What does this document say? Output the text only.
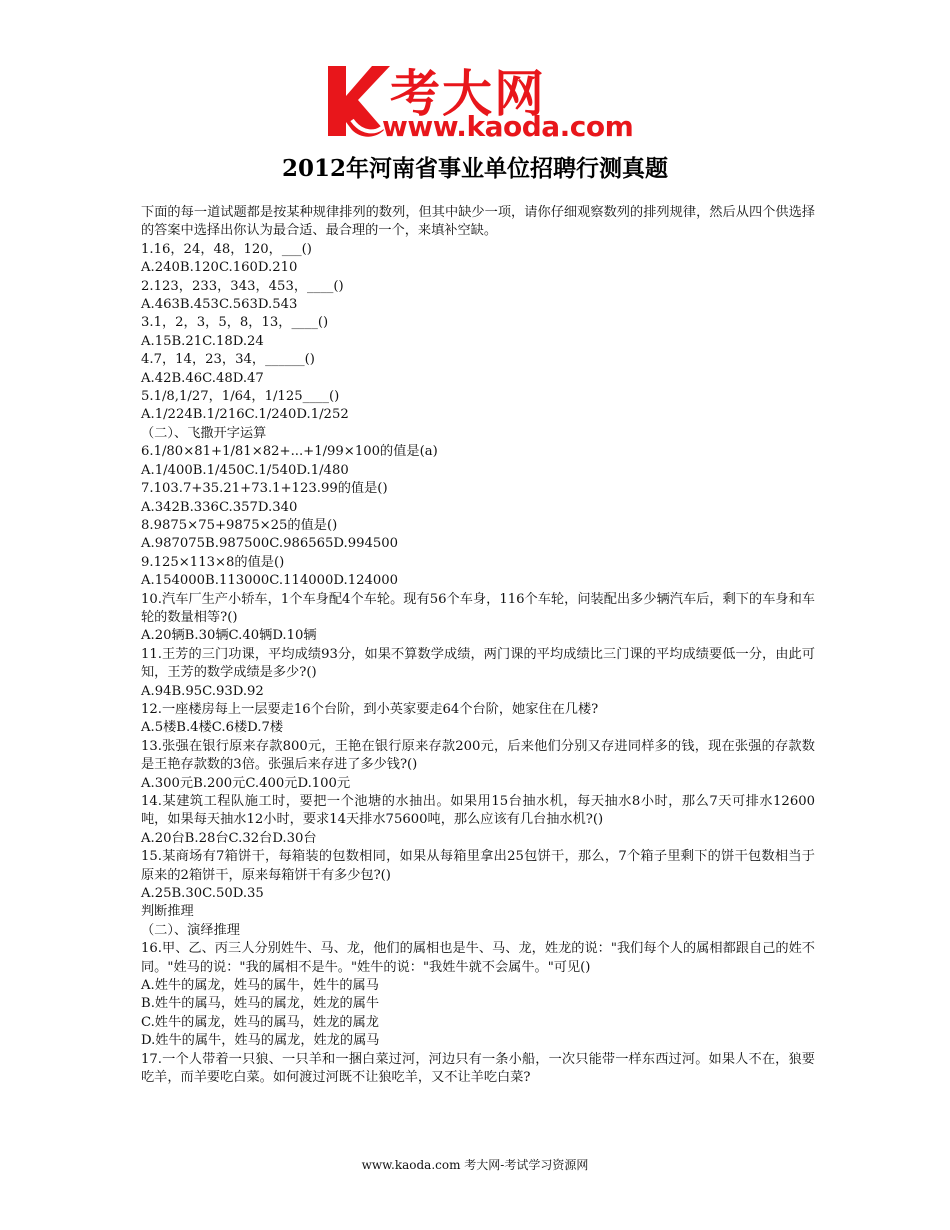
考大网
www.kaoda.com
2012年河南省事业单位招聘行测真题

下面的每一道试题都是按某种规律排列的数列，但其中缺少一项，请你仔细观察数列的排列规律，然后从四个供选择的答案中选择出你认为最合适、最合理的一个，来填补空缺。

1.16，24，48，120，___()

A.240B.120C.160D.210

2.123，233，343，453，____()

A.463B.453C.563D.543

3.1，2，3，5，8，13，____()

A.15B.21C.18D.24

4.7，14，23，34，______()

A.42B.46C.48D.47

5.1/8,1/27，1/64，1/125____()

A.1/224B.1/216C.1/240D.1/252

（二）、飞撒开字运算

6.1/80×81+1/81×82+...+1/99×100的值是(a)

A.1/400B.1/450C.1/540D.1/480

7.103.7+35.21+73.1+123.99的值是()

A.342B.336C.357D.340

8.9875×75+9875×25的值是()

A.987075B.987500C.986565D.994500

9.125×113×8的值是()

A.154000B.113000C.114000D.124000

10.汽车厂生产小轿车，1个车身配4个车轮。现有56个车身，116个车轮，问装配出多少辆汽车后，剩下的车身和车轮的数量相等?()

A.20辆B.30辆C.40辆D.10辆

11.王芳的三门功课，平均成绩93分，如果不算数学成绩，两门课的平均成绩比三门课的平均成绩要低一分，由此可知，王芳的数学成绩是多少?()

A.94B.95C.93D.92

12.一座楼房每上一层要走16个台阶，到小英家要走64个台阶，她家住在几楼?

A.5楼B.4楼C.6楼D.7楼

13.张强在银行原来存款800元，王艳在银行原来存款200元，后来他们分别又存进同样多的钱，现在张强的存款数是王艳存款数的3倍。张强后来存进了多少钱?()

A.300元B.200元C.400元D.100元

14.某建筑工程队施工时，要把一个池塘的水抽出。如果用15台抽水机，每天抽水8小时，那么7天可排水12600吨，如果每天抽水12小时，要求14天排水75600吨，那么应该有几台抽水机?()

A.20台B.28台C.32台D.30台

15.某商场有7箱饼干，每箱装的包数相同，如果从每箱里拿出25包饼干，那么，7个箱子里剩下的饼干包数相当于原来的2箱饼干，原来每箱饼干有多少包?()

A.25B.30C.50D.35

判断推理

（二）、演绎推理

16.甲、乙、丙三人分别姓牛、马、龙，他们的属相也是牛、马、龙，姓龙的说："我们每个人的属相都跟自己的姓不同。"姓马的说："我的属相不是牛。"姓牛的说："我姓牛就不会属牛。"可见()

A.姓牛的属龙，姓马的属牛，姓牛的属马

B.姓牛的属马，姓马的属龙，姓龙的属牛

C.姓牛的属龙，姓马的属马，姓龙的属龙

D.姓牛的属牛，姓马的属龙，姓龙的属马

17.一个人带着一只狼、一只羊和一捆白菜过河，河边只有一条小船，一次只能带一样东西过河。如果人不在，狼要吃羊，而羊要吃白菜。如何渡过河既不让狼吃羊，又不让羊吃白菜?

www.kaoda.com 考大网-考试学习资源网
